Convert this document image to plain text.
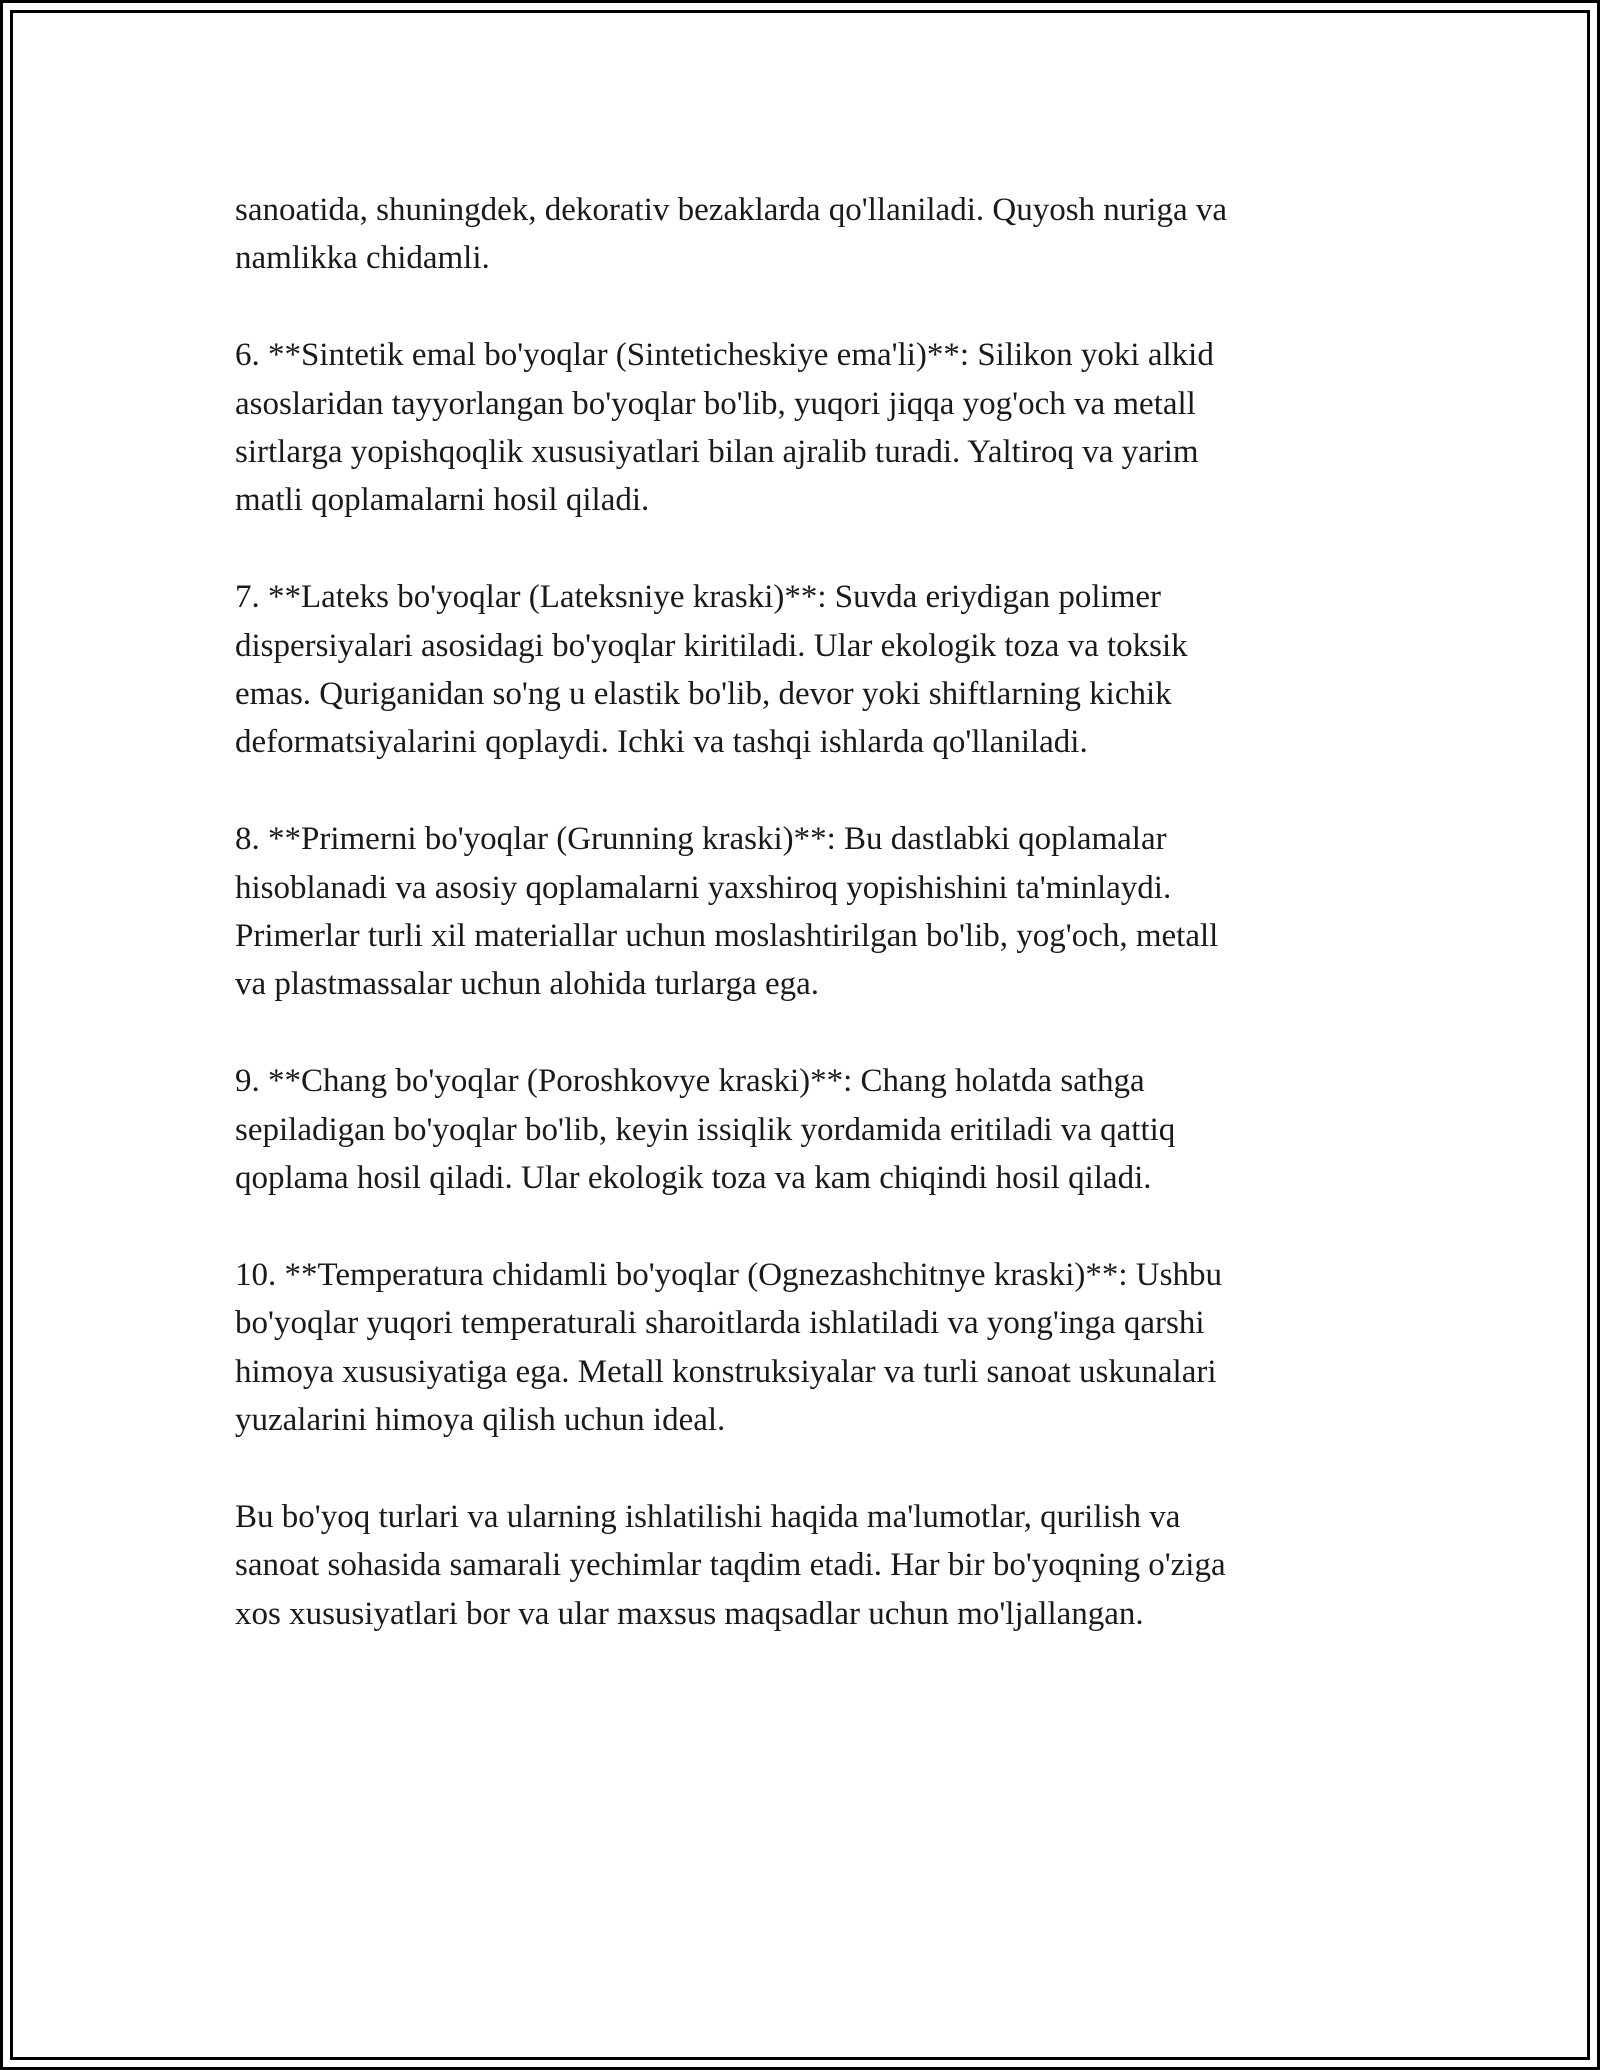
sanoatida, shuningdek, dekorativ bezaklarda qo'llaniladi. Quyosh nuriga va
namlikka chidamli.

6. **Sintetik emal bo'yoqlar (Sinteticheskiye ema'li)**: Silikon yoki alkid
asoslaridan tayyorlangan bo'yoqlar bo'lib, yuqori jiqqa yog'och va metall
sirtlarga yopishqoqlik xususiyatlari bilan ajralib turadi. Yaltiroq va yarim
matli qoplamalarni hosil qiladi.

7. **Lateks bo'yoqlar (Lateksniye kraski)**: Suvda eriydigan polimer
dispersiyalari asosidagi bo'yoqlar kiritiladi. Ular ekologik toza va toksik
emas. Quriganidan so'ng u elastik bo'lib, devor yoki shiftlarning kichik
deformatsiyalarini qoplaydi. Ichki va tashqi ishlarda qo'llaniladi.

8. **Primerni bo'yoqlar (Grunning kraski)**: Bu dastlabki qoplamalar
hisoblanadi va asosiy qoplamalarni yaxshiroq yopishishini ta'minlaydi.
Primerlar turli xil materiallar uchun moslashtirilgan bo'lib, yog'och, metall
va plastmassalar uchun alohida turlarga ega.

9. **Chang bo'yoqlar (Poroshkovye kraski)**: Chang holatda sathga
sepiladigan bo'yoqlar bo'lib, keyin issiqlik yordamida eritiladi va qattiq
qoplama hosil qiladi. Ular ekologik toza va kam chiqindi hosil qiladi.

10. **Temperatura chidamli bo'yoqlar (Ognezashchitnye kraski)**: Ushbu
bo'yoqlar yuqori temperaturali sharoitlarda ishlatiladi va yong'inga qarshi
himoya xususiyatiga ega. Metall konstruksiyalar va turli sanoat uskunalari
yuzalarini himoya qilish uchun ideal.

Bu bo'yoq turlari va ularning ishlatilishi haqida ma'lumotlar, qurilish va
sanoat sohasida samarali yechimlar taqdim etadi. Har bir bo'yoqning o'ziga
xos xususiyatlari bor va ular maxsus maqsadlar uchun mo'ljallangan.
